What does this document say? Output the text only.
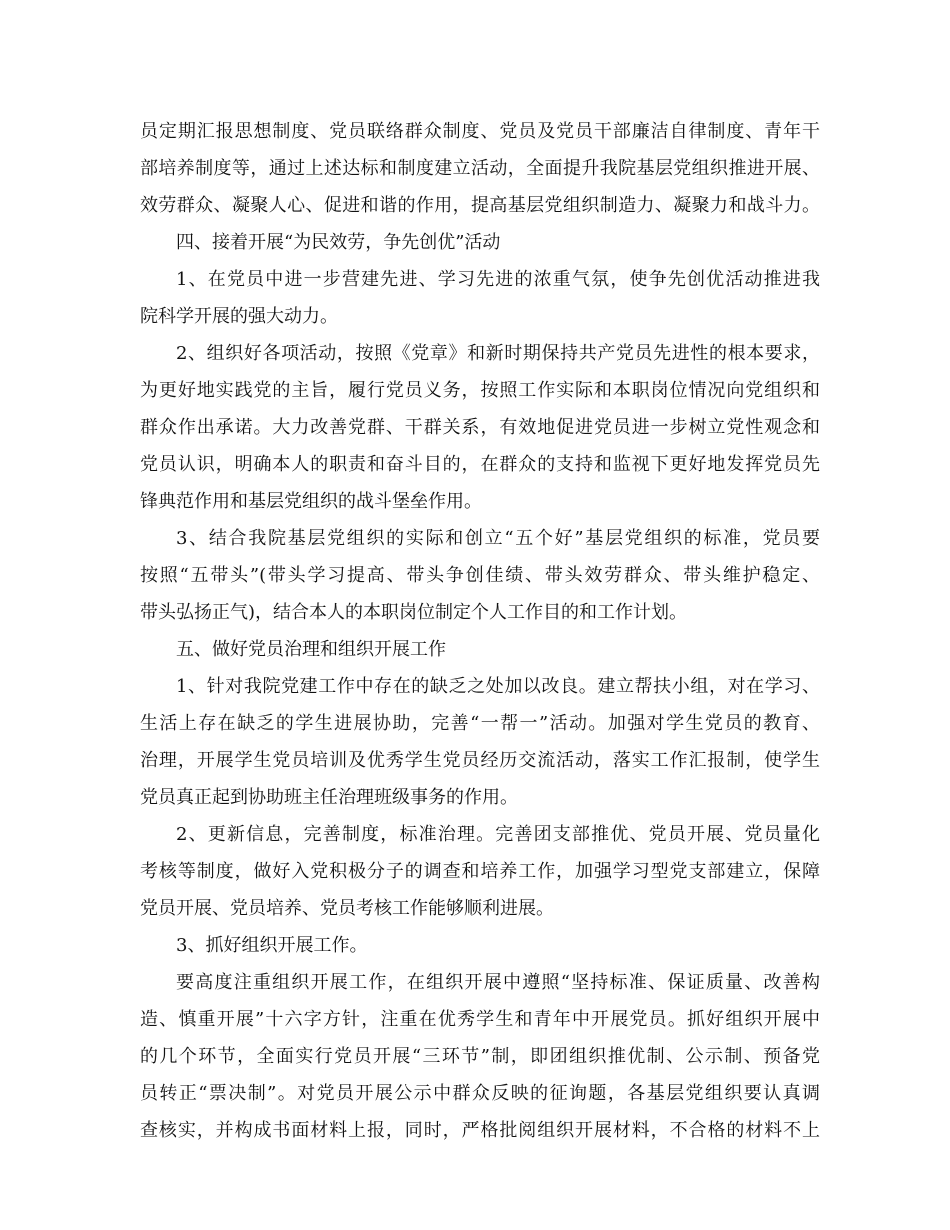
员定期汇报思想制度、党员联络群众制度、党员及党员干部廉洁自律制度、青年干
部培养制度等，通过上述达标和制度建立活动，全面提升我院基层党组织推进开展、
效劳群众、凝聚人心、促进和谐的作用，提高基层党组织制造力、凝聚力和战斗力。
四、接着开展“为民效劳，争先创优”活动
1、在党员中进一步营建先进、学习先进的浓重气氛，使争先创优活动推进我
院科学开展的强大动力。
2、组织好各项活动，按照《党章》和新时期保持共产党员先进性的根本要求，
为更好地实践党的主旨，履行党员义务，按照工作实际和本职岗位情况向党组织和
群众作出承诺。大力改善党群、干群关系，有效地促进党员进一步树立党性观念和
党员认识，明确本人的职责和奋斗目的，在群众的支持和监视下更好地发挥党员先
锋典范作用和基层党组织的战斗堡垒作用。
3、结合我院基层党组织的实际和创立“五个好”基层党组织的标准，党员要
按照“五带头”(带头学习提高、带头争创佳绩、带头效劳群众、带头维护稳定、
带头弘扬正气)，结合本人的本职岗位制定个人工作目的和工作计划。
五、做好党员治理和组织开展工作
1、针对我院党建工作中存在的缺乏之处加以改良。建立帮扶小组，对在学习、
生活上存在缺乏的学生进展协助，完善“一帮一”活动。加强对学生党员的教育、
治理，开展学生党员培训及优秀学生党员经历交流活动，落实工作汇报制，使学生
党员真正起到协助班主任治理班级事务的作用。
2、更新信息，完善制度，标准治理。完善团支部推优、党员开展、党员量化
考核等制度，做好入党积极分子的调查和培养工作，加强学习型党支部建立，保障
党员开展、党员培养、党员考核工作能够顺利进展。
3、抓好组织开展工作。
要高度注重组织开展工作，在组织开展中遵照“坚持标准、保证质量、改善构
造、慎重开展”十六字方针，注重在优秀学生和青年中开展党员。抓好组织开展中
的几个环节，全面实行党员开展“三环节”制，即团组织推优制、公示制、预备党
员转正“票决制”。对党员开展公示中群众反映的征询题，各基层党组织要认真调
查核实，并构成书面材料上报，同时，严格批阅组织开展材料，不合格的材料不上
